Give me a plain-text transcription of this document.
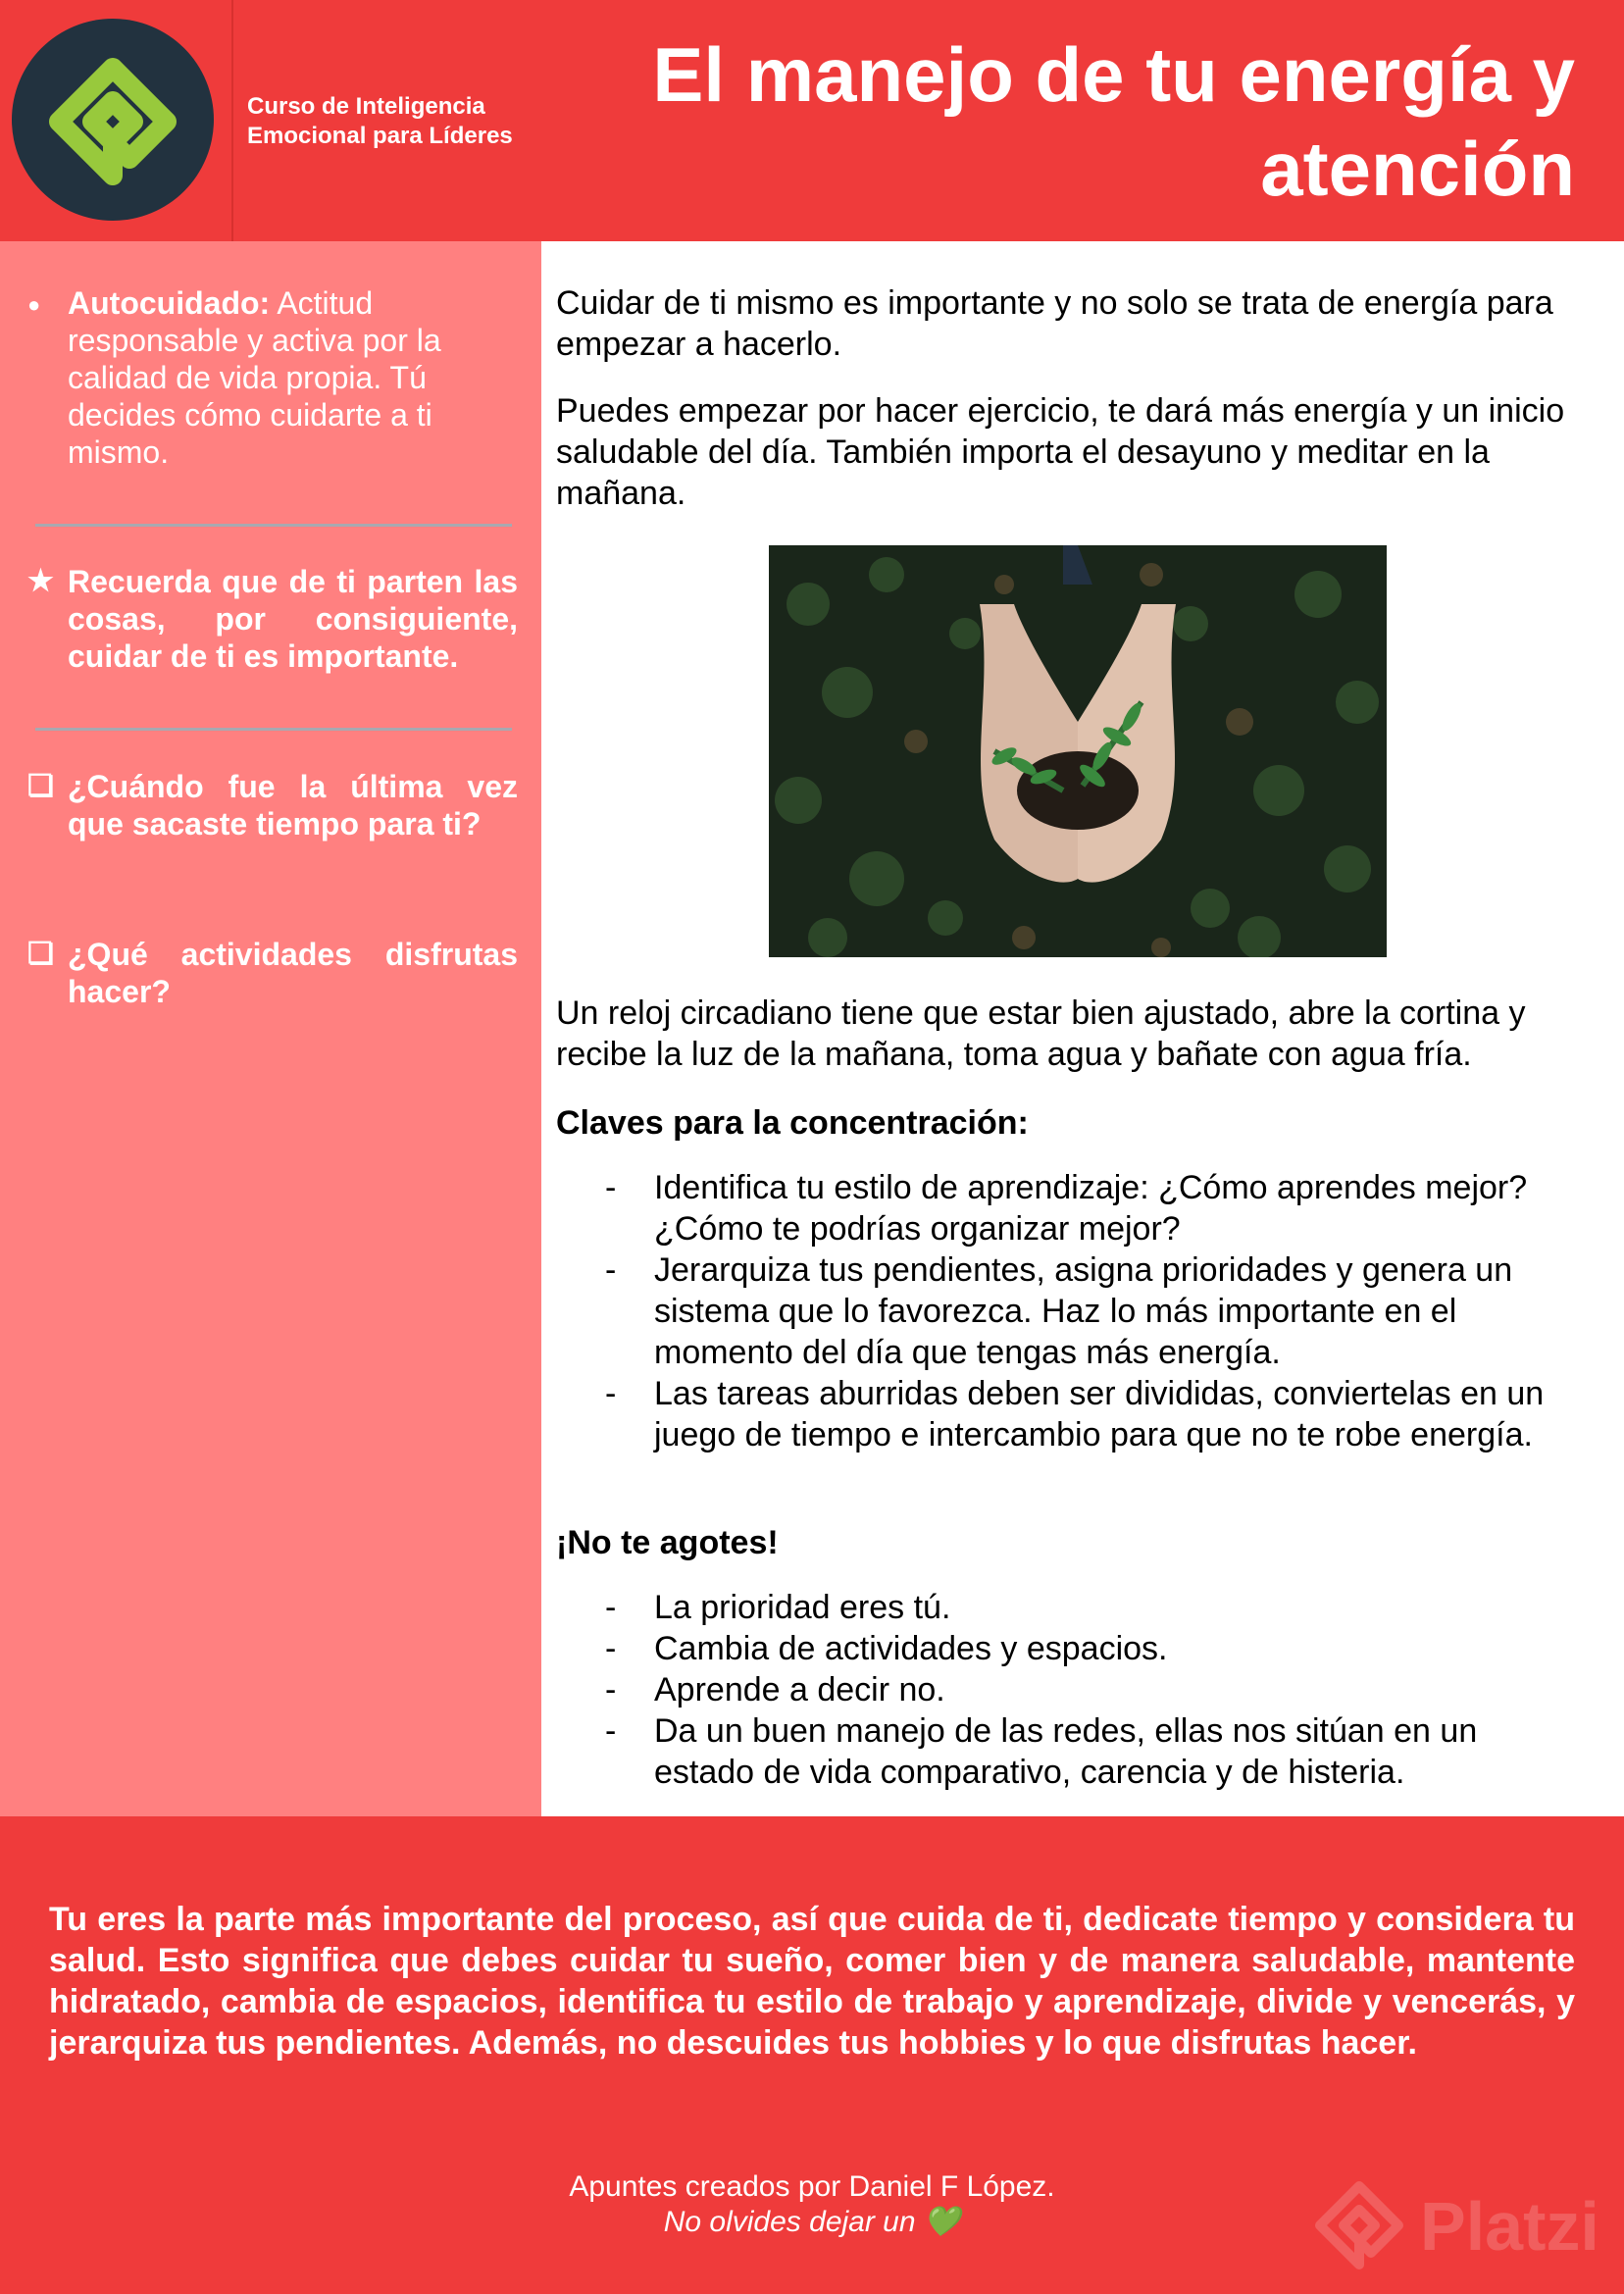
Curso de Inteligencia Emocional para Líderes
El manejo de tu energía y atención
● Autocuidado: Actitud responsable y activa por la calidad de vida propia. Tú decides cómo cuidarte a ti mismo.
★ Recuerda que de ti parten las cosas, por consiguiente, cuidar de ti es importante.
❏ ¿Cuándo fue la última vez que sacaste tiempo para ti?
❏ ¿Qué actividades disfrutas hacer?

Cuidar de ti mismo es importante y no solo se trata de energía para empezar a hacerlo.

Puedes empezar por hacer ejercicio, te dará más energía y un inicio saludable del día. También importa el desayuno y meditar en la mañana.

Un reloj circadiano tiene que estar bien ajustado, abre la cortina y recibe la luz de la mañana, toma agua y bañate con agua fría.

Claves para la concentración:
- Identifica tu estilo de aprendizaje: ¿Cómo aprendes mejor?¿Cómo te podrías organizar mejor?
- Jerarquiza tus pendientes, asigna prioridades y genera un sistema que lo favorezca. Haz lo más importante en el momento del día que tengas más energía.
- Las tareas aburridas deben ser divididas, conviertelas en un juego de tiempo e intercambio para que no te robe energía.
¡No te agotes!
- La prioridad eres tú.
- Cambia de actividades y espacios.
- Aprende a decir no.
- Da un buen manejo de las redes, ellas nos sitúan en un estado de vida comparativo, carencia y de histeria.

Tu eres la parte más importante del proceso, así que cuida de ti, dedicate tiempo y considera tu salud. Esto significa que debes cuidar tu sueño, comer bien y de manera saludable, mantente hidratado, cambia de espacios, identifica tu estilo de trabajo y aprendizaje, divide y vencerás, y jerarquiza tus pendientes. Además, no descuides tus hobbies y lo que disfrutas hacer.

Apuntes creados por Daniel F López.
No olvides dejar un 💚	Platzi
